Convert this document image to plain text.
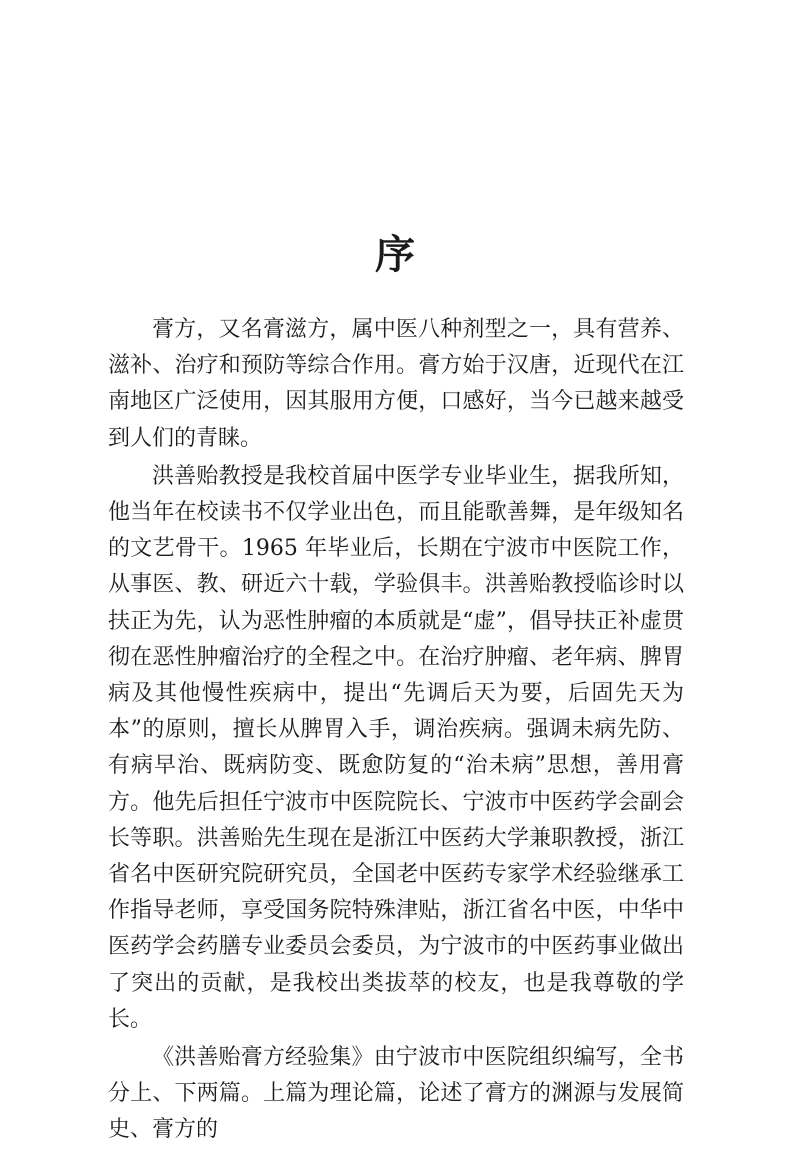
序

膏方，又名膏滋方，属中医八种剂型之一，具有营养、滋补、治疗和预防等综合作用。膏方始于汉唐，近现代在江南地区广泛使用，因其服用方便，口感好，当今已越来越受到人们的青睐。

洪善贻教授是我校首届中医学专业毕业生，据我所知，他当年在校读书不仅学业出色，而且能歌善舞，是年级知名的文艺骨干。1965 年毕业后，长期在宁波市中医院工作，从事医、教、研近六十载，学验俱丰。洪善贻教授临诊时以扶正为先，认为恶性肿瘤的本质就是“虚”，倡导扶正补虚贯彻在恶性肿瘤治疗的全程之中。在治疗肿瘤、老年病、脾胃病及其他慢性疾病中，提出“先调后天为要，后固先天为本”的原则，擅长从脾胃入手，调治疾病。强调未病先防、有病早治、既病防变、既愈防复的“治未病”思想，善用膏方。他先后担任宁波市中医院院长、宁波市中医药学会副会长等职。洪善贻先生现在是浙江中医药大学兼职教授，浙江省名中医研究院研究员，全国老中医药专家学术经验继承工作指导老师，享受国务院特殊津贴，浙江省名中医，中华中医药学会药膳专业委员会委员，为宁波市的中医药事业做出了突出的贡献，是我校出类拔萃的校友，也是我尊敬的学长。

《洪善贻膏方经验集》由宁波市中医院组织编写，全书分上、下两篇。上篇为理论篇，论述了膏方的渊源与发展简史、膏方的
